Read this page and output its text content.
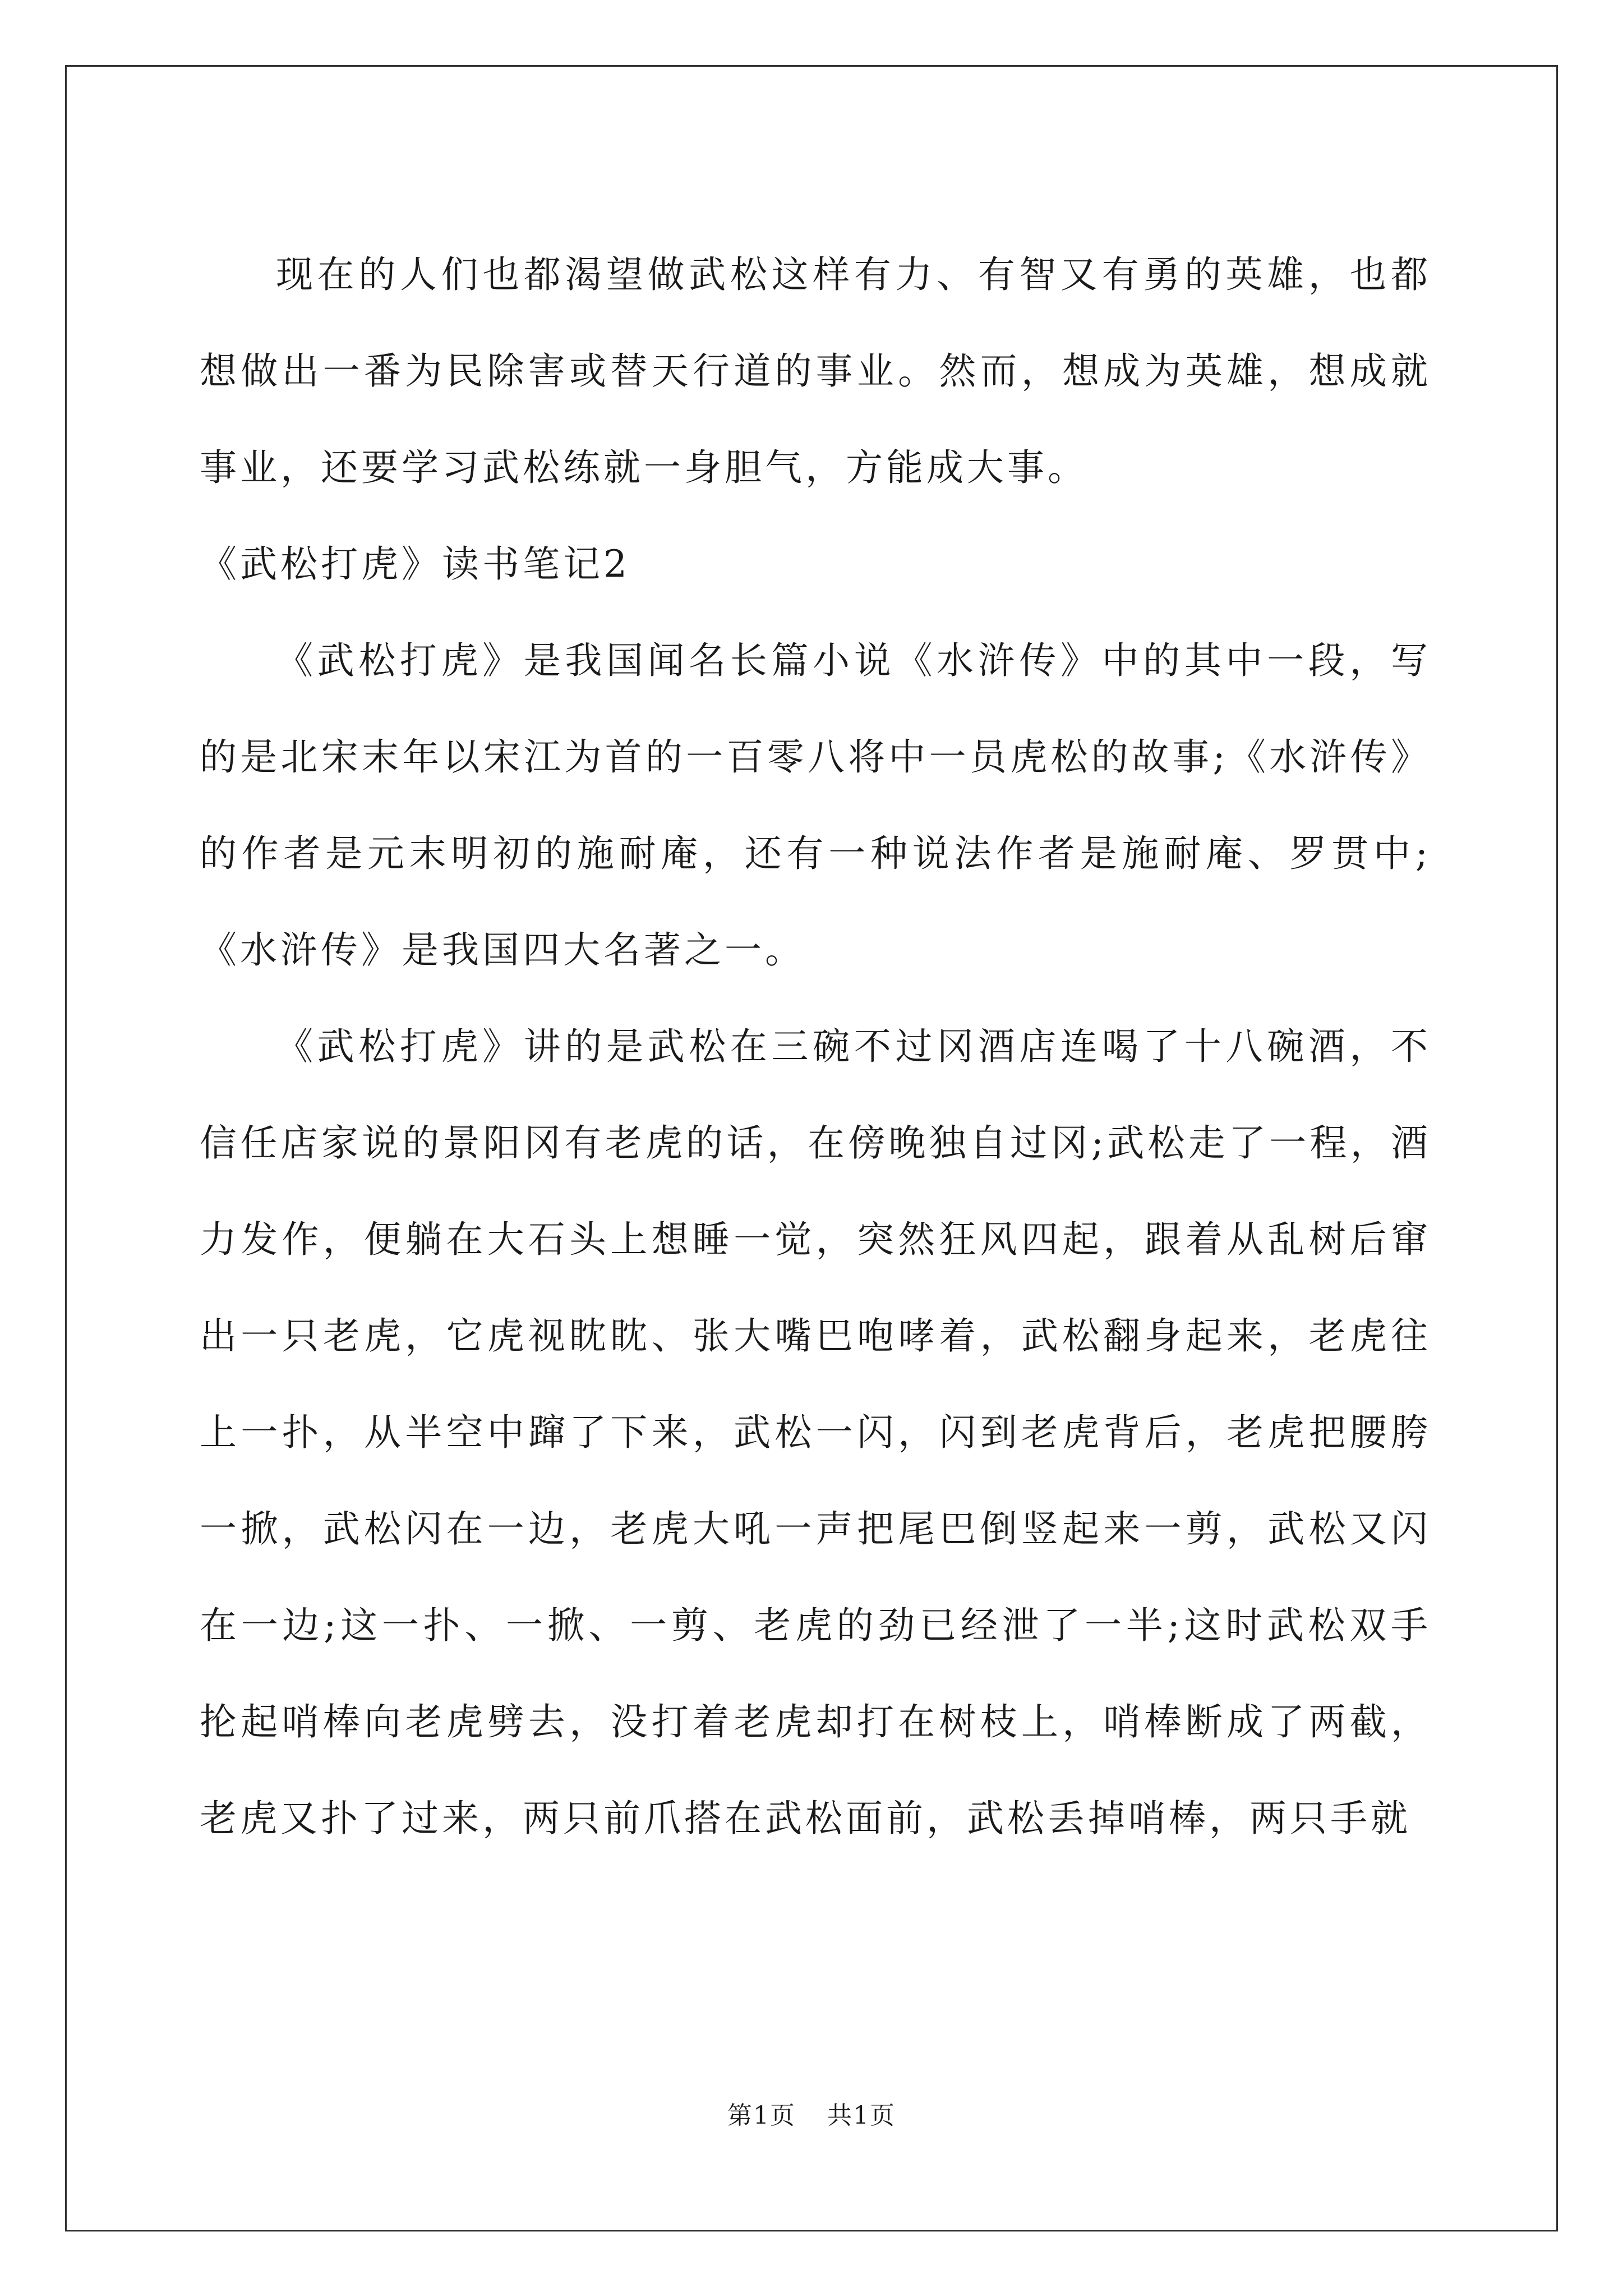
现在的人们也都渴望做武松这样有力、有智又有勇的英雄，也都想做出一番为民除害或替天行道的事业。然而，想成为英雄，想成就事业，还要学习武松练就一身胆气，方能成大事。

《武松打虎》读书笔记2

《武松打虎》是我国闻名长篇小说《水浒传》中的其中一段，写的是北宋末年以宋江为首的一百零八将中一员虎松的故事;《水浒传》的作者是元末明初的施耐庵，还有一种说法作者是施耐庵、罗贯中;《水浒传》是我国四大名著之一。

《武松打虎》讲的是武松在三碗不过冈酒店连喝了十八碗酒，不信任店家说的景阳冈有老虎的话，在傍晚独自过冈;武松走了一程，酒力发作，便躺在大石头上想睡一觉，突然狂风四起，跟着从乱树后窜出一只老虎，它虎视眈眈、张大嘴巴咆哮着，武松翻身起来，老虎往上一扑，从半空中蹿了下来，武松一闪，闪到老虎背后，老虎把腰胯一掀，武松闪在一边，老虎大吼一声把尾巴倒竖起来一剪，武松又闪在一边;这一扑、一掀、一剪、老虎的劲已经泄了一半;这时武松双手抡起哨棒向老虎劈去，没打着老虎却打在树枝上，哨棒断成了两截，老虎又扑了过来，两只前爪搭在武松面前，武松丢掉哨棒，两只手就

第1页 共1页
